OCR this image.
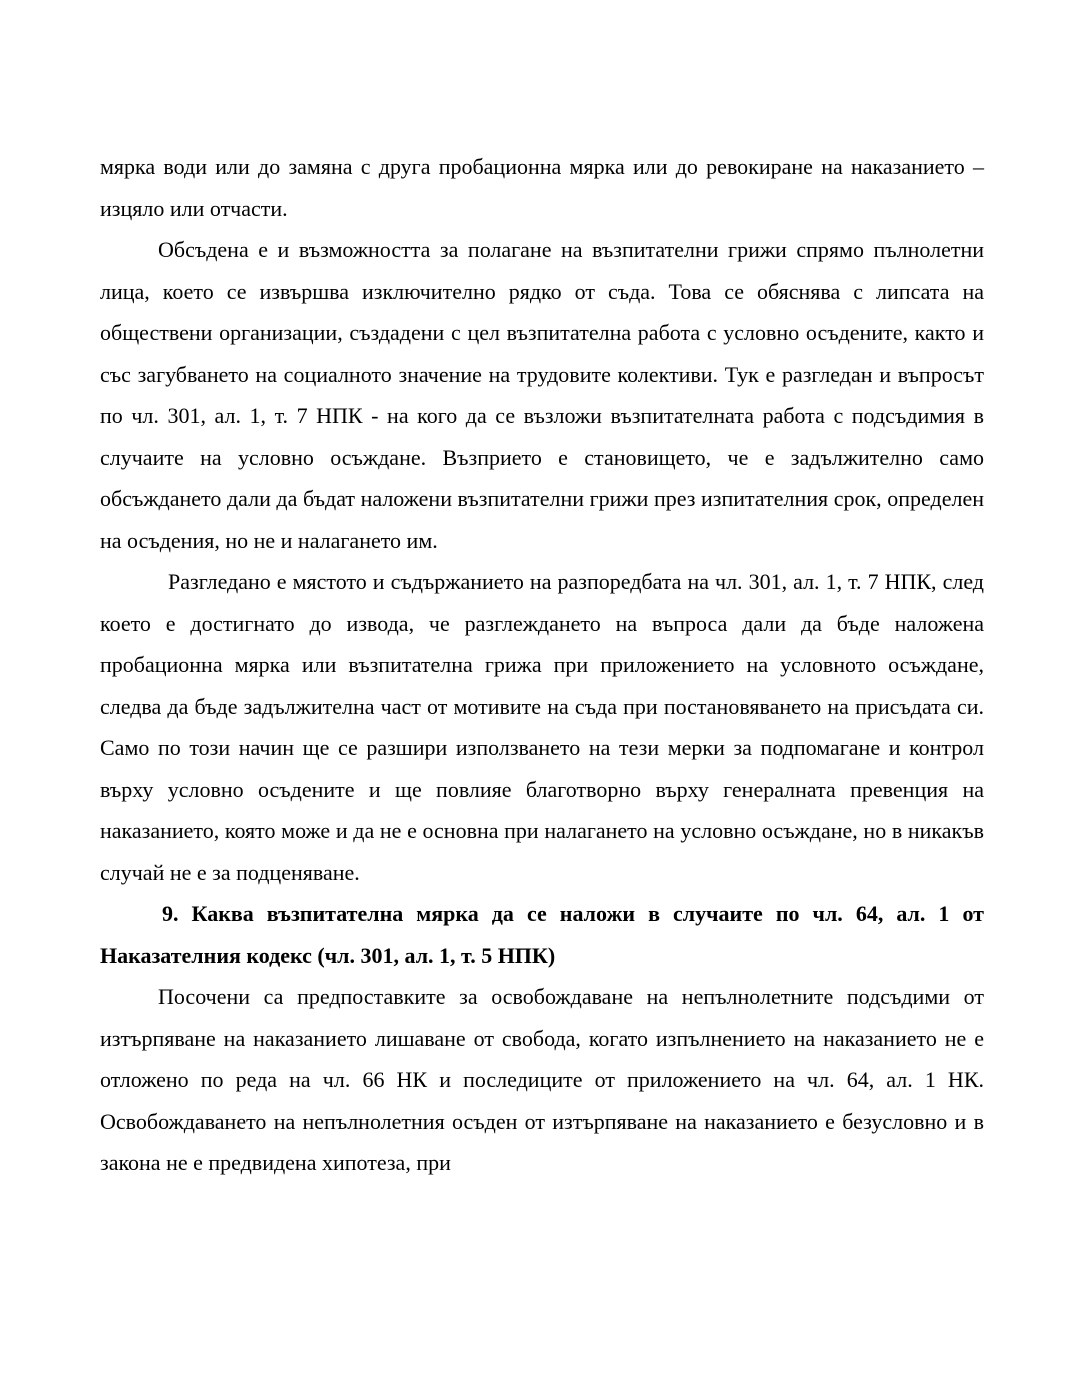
мярка води или до замяна с друга пробационна мярка или до ревокиране на наказанието – изцяло или отчасти.

Обсъдена е и възможността за полагане на възпитателни грижи спрямо пълнолетни лица, което се извършва изключително рядко от съда. Това се обяснява с липсата на обществени организации, създадени с цел възпитателна работа с условно осъдените, както и със загубването на социалното значение на трудовите колективи. Тук е разгледан и въпросът по чл. 301, ал. 1, т. 7 НПК - на кого да се възложи възпитателната работа с подсъдимия в случаите на условно осъждане. Възприето е становището, че е задължително само обсъждането дали да бъдат наложени възпитателни грижи през изпитателния срок, определен на осъдения, но не и налагането им.

Разгледано е мястото и съдържанието на разпоредбата на чл. 301, ал. 1, т. 7 НПК, след което е достигнато до извода, че разглеждането на въпроса дали да бъде наложена пробационна мярка или възпитателна грижа при приложението на условното осъждане, следва да бъде задължителна част от мотивите на съда при постановяването на присъдата си. Само по този начин ще се разшири използването на тези мерки за подпомагане и контрол върху условно осъдените и ще повлияе благотворно върху генералната превенция на наказанието, която може и да не е основна при налагането на условно осъждане, но в никакъв случай не е за подценяване.

9. Каква възпитателна мярка да се наложи в случаите по чл. 64, ал. 1 от Наказателния кодекс (чл. 301, ал. 1, т. 5 НПК)

Посочени са предпоставките за освобождаване на непълнолетните подсъдими от изтърпяване на наказанието лишаване от свобода, когато изпълнението на наказанието не е отложено по реда на чл. 66 НК и последиците от приложението на чл. 64, ал. 1 НК. Освобождаването на непълнолетния осъден от изтърпяване на наказанието е безусловно и в закона не е предвидена хипотеза, при
